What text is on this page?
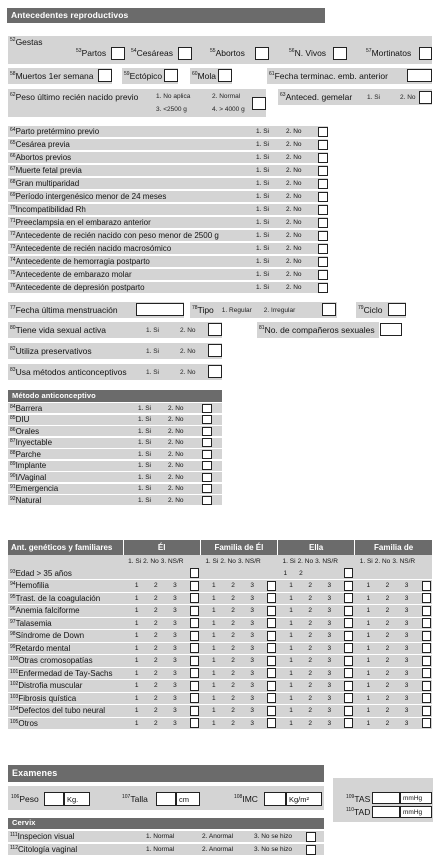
Antecedentes reproductivos
$^{52}$Gestas
$^{53}$Partos	$^{54}$Cesáreas	$^{55}$Abortos	$^{56}$N. Vivos	$^{57}$Mortinatos
$^{58}$Muertos 1er semana	$^{59}$Ectópico	$^{60}$Mola	$^{61}$Fecha terminac. emb. anterior
$^{62}$Peso último recién nacido previo	1. No aplica	2. Normal
3. <2500 g	4. > 4000 g
$^{63}$Anteced. gemelar 1. Si	2. No
$^{64}$Parto pretérmino previo	1. Si	2. No
$^{65}$Cesárea previa	1. Si	2. No
$^{66}$Abortos previos	1. Si	2. No
$^{67}$Muerte fetal previa	1. Si	2. No
$^{68}$Gran multiparidad	1. Si	2. No
$^{69}$Período intergenésico menor de 24 meses	1. Si	2. No
$^{70}$Incompatibilidad Rh	1. Si	2. No
$^{71}$Preeclampsia en el embarazo anterior	1. Si	2. No
$^{72}$Antecedente de recién nacido con peso menor de 2500 g	1. Si	2. No
$^{73}$Antecedente de recién nacido macrosómico	1. Si	2. No
$^{74}$Antecedente de hemorragia postparto	1. Si	2. No
$^{75}$Antecedente de embarazo molar	1. Si	2. No
$^{76}$Antecedente de depresión postparto	1. Si	2. No
$^{77}$Fecha última menstruación	$^{78}$Tipo 1. Regular 2. Irregular	$^{79}$Ciclo
$^{80}$Tiene vida sexual activa	1. Si	2. No	$^{81}$No. de compañeros sexuales
$^{82}$Utiliza preservativos	1. Si	2. No
$^{83}$Usa métodos anticonceptivos	1. Si	2. No
Método anticonceptivo
$^{84}$Barrera	1. Si	2. No
$^{85}$DIU	1. Si	2. No
$^{86}$Orales	1. Si	2. No
$^{87}$Inyectable	1. Si	2. No
$^{88}$Parche	1. Si	2. No
$^{89}$Implante	1. Si	2. No
$^{90}$I/Vaginal	1. Si	2. No
$^{91}$Emergencia	1. Si	2. No
$^{92}$Natural	1. Si	2. No
Ant. genéticos y familiares	Él		Familia de Él		Ella		Familia de	

	1. Si 2. No 3. NS/R		1. Si 2. No 3. NS/R		1. Si 2. No 3. NS/R		1. Si 2. No 3. NS/R	

$^{93}$Edad > 35 años					1 2			

$^{94}$Hemofilia	1 2 3		1 2 3		1 2 3		1 2 3	

$^{95}$Trast. de la coagulación	1 2 3		1 2 3		1 2 3		1 2 3	

$^{96}$Anemia falciforme	1 2 3		1 2 3		1 2 3		1 2 3	

$^{97}$Talasemia	1 2 3		1 2 3		1 2 3		1 2 3	

$^{98}$Síndrome de Down	1 2 3		1 2 3		1 2 3		1 2 3	

$^{99}$Retardo mental	1 2 3		1 2 3		1 2 3		1 2 3	

$^{100}$Otras cromosopatías	1 2 3		1 2 3		1 2 3		1 2 3	

$^{101}$Enfermedad de Tay-Sachs	1 2 3		1 2 3		1 2 3		1 2 3	

$^{102}$Distrofia muscular	1 2 3		1 2 3		1 2 3		1 2 3	

$^{103}$Fibrosis quística	1 2 3		1 2 3		1 2 3		1 2 3	

$^{104}$Defectos del tubo neural	1 2 3		1 2 3		1 2 3		1 2 3	

$^{105}$Otros	1 2 3		1 2 3		1 2 3		1 2 3	

Examenes
$^{106}$Peso	Kg.	$^{107}$Talla	cm	$^{108}$IMC	Kg/m²	$^{109}$TAS	mmHg
$^{110}$TAD	mmHg
Cervix
$^{111}$Inspecion visual	1. Normal	2. Anormal	3. No se hizo
$^{112}$Citología vaginal	1. Normal	2. Anormal	3. No se hizo
